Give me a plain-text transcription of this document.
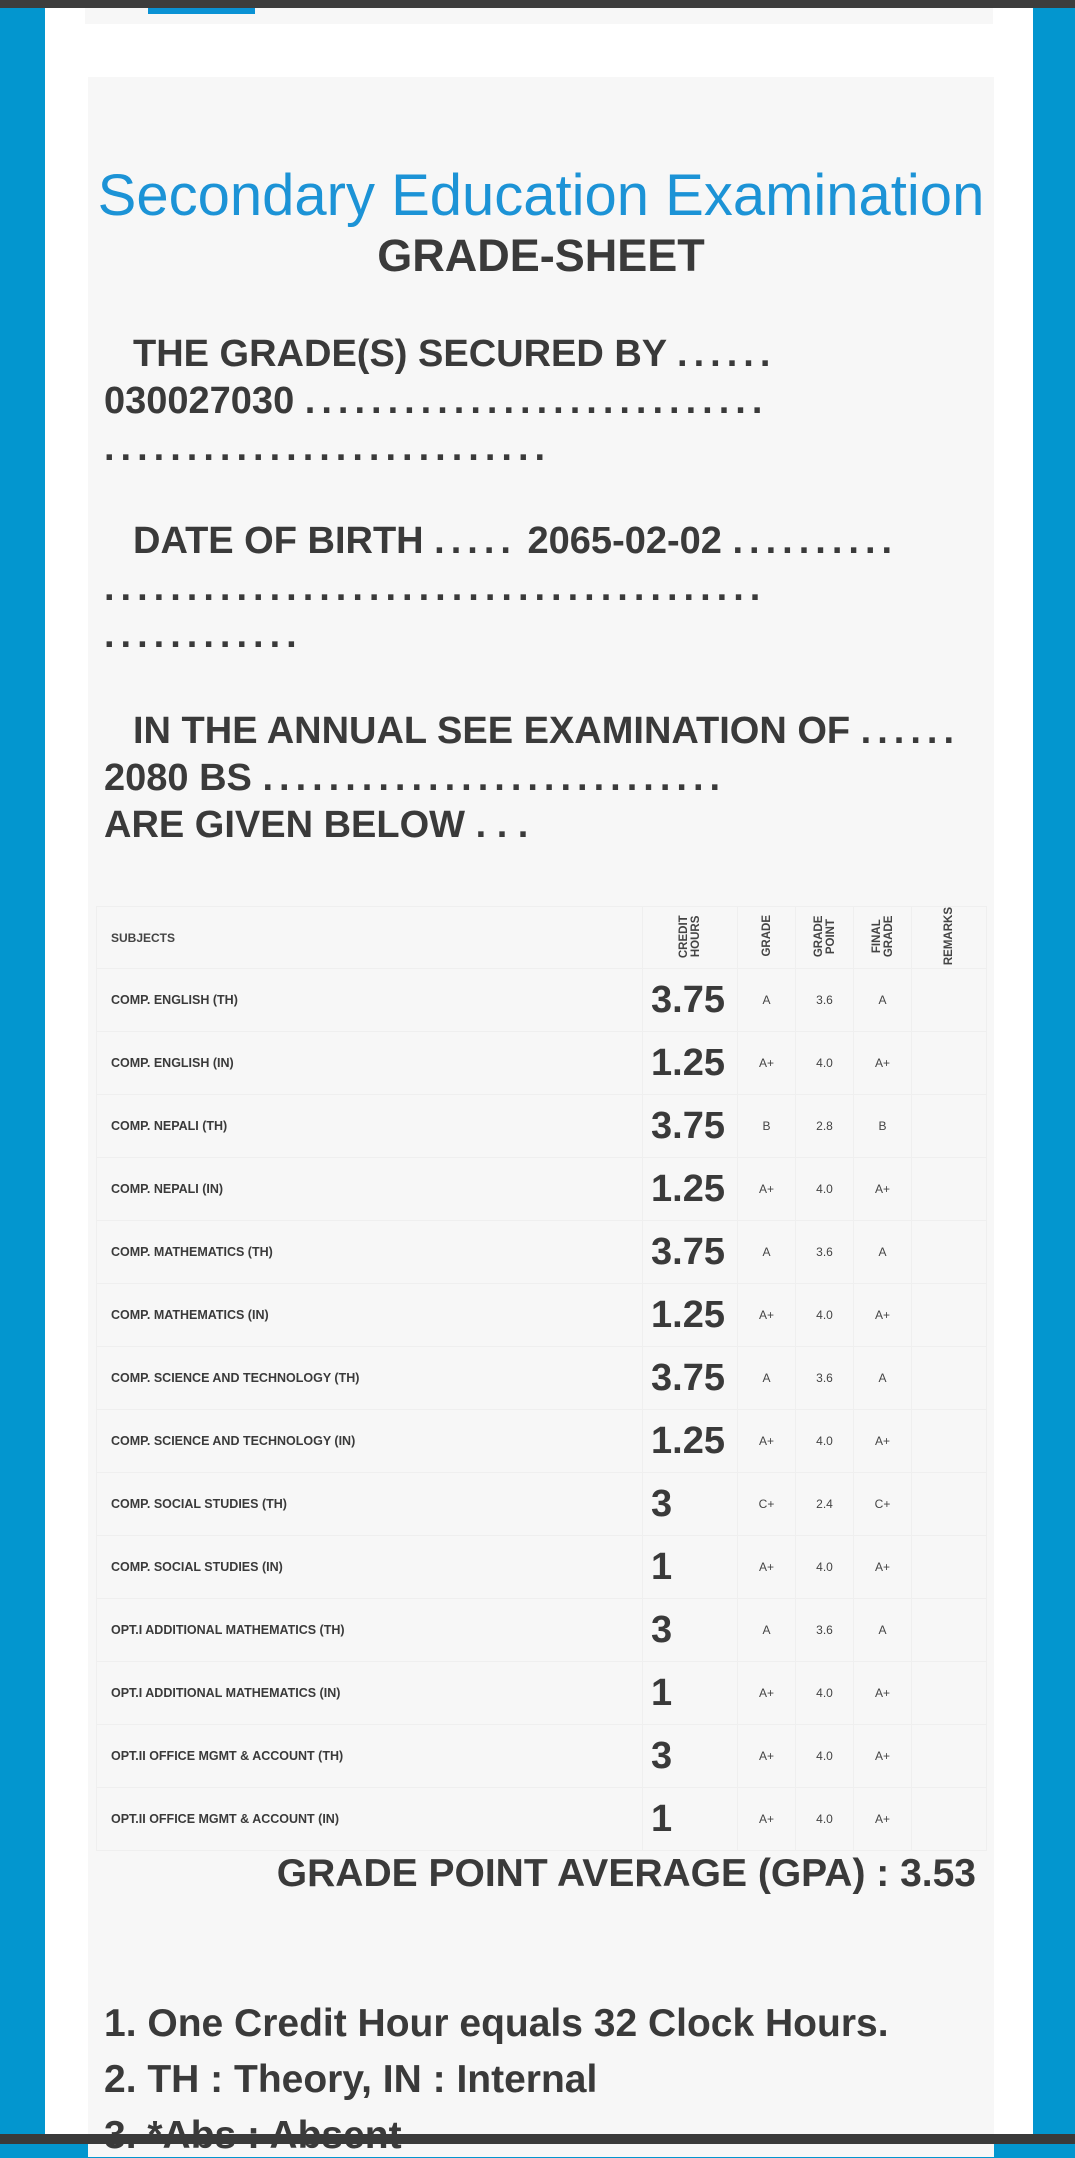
Secondary Education Examination
GRADE-SHEET
THE GRADE(S) SECURED BY ......
030027030 ............................
...........................
DATE OF BIRTH ..... 2065-02-02 ..........
........................................
............
IN THE ANNUAL SEE EXAMINATION OF ......
2080 BS ............................
ARE GIVEN BELOW . . .
SUBJECTS	CREDIT HOURS	GRADE	GRADE POINT	FINAL GRADE	REMARKS
COMP. ENGLISH (TH)	3.75	A	3.6	A	
COMP. ENGLISH (IN)	1.25	A+	4.0	A+	
COMP. NEPALI (TH)	3.75	B	2.8	B	
COMP. NEPALI (IN)	1.25	A+	4.0	A+	
COMP. MATHEMATICS (TH)	3.75	A	3.6	A	
COMP. MATHEMATICS (IN)	1.25	A+	4.0	A+	
COMP. SCIENCE AND TECHNOLOGY (TH)	3.75	A	3.6	A	
COMP. SCIENCE AND TECHNOLOGY (IN)	1.25	A+	4.0	A+	
COMP. SOCIAL STUDIES (TH)	3	C+	2.4	C+	
COMP. SOCIAL STUDIES (IN)	1	A+	4.0	A+	
OPT.I ADDITIONAL MATHEMATICS (TH)	3	A	3.6	A	
OPT.I ADDITIONAL MATHEMATICS (IN)	1	A+	4.0	A+	
OPT.II OFFICE MGMT & ACCOUNT (TH)	3	A+	4.0	A+	
OPT.II OFFICE MGMT & ACCOUNT (IN)	1	A+	4.0	A+	
GRADE POINT AVERAGE (GPA) : 3.53
1. One Credit Hour equals 32 Clock Hours.
2. TH : Theory, IN : Internal
